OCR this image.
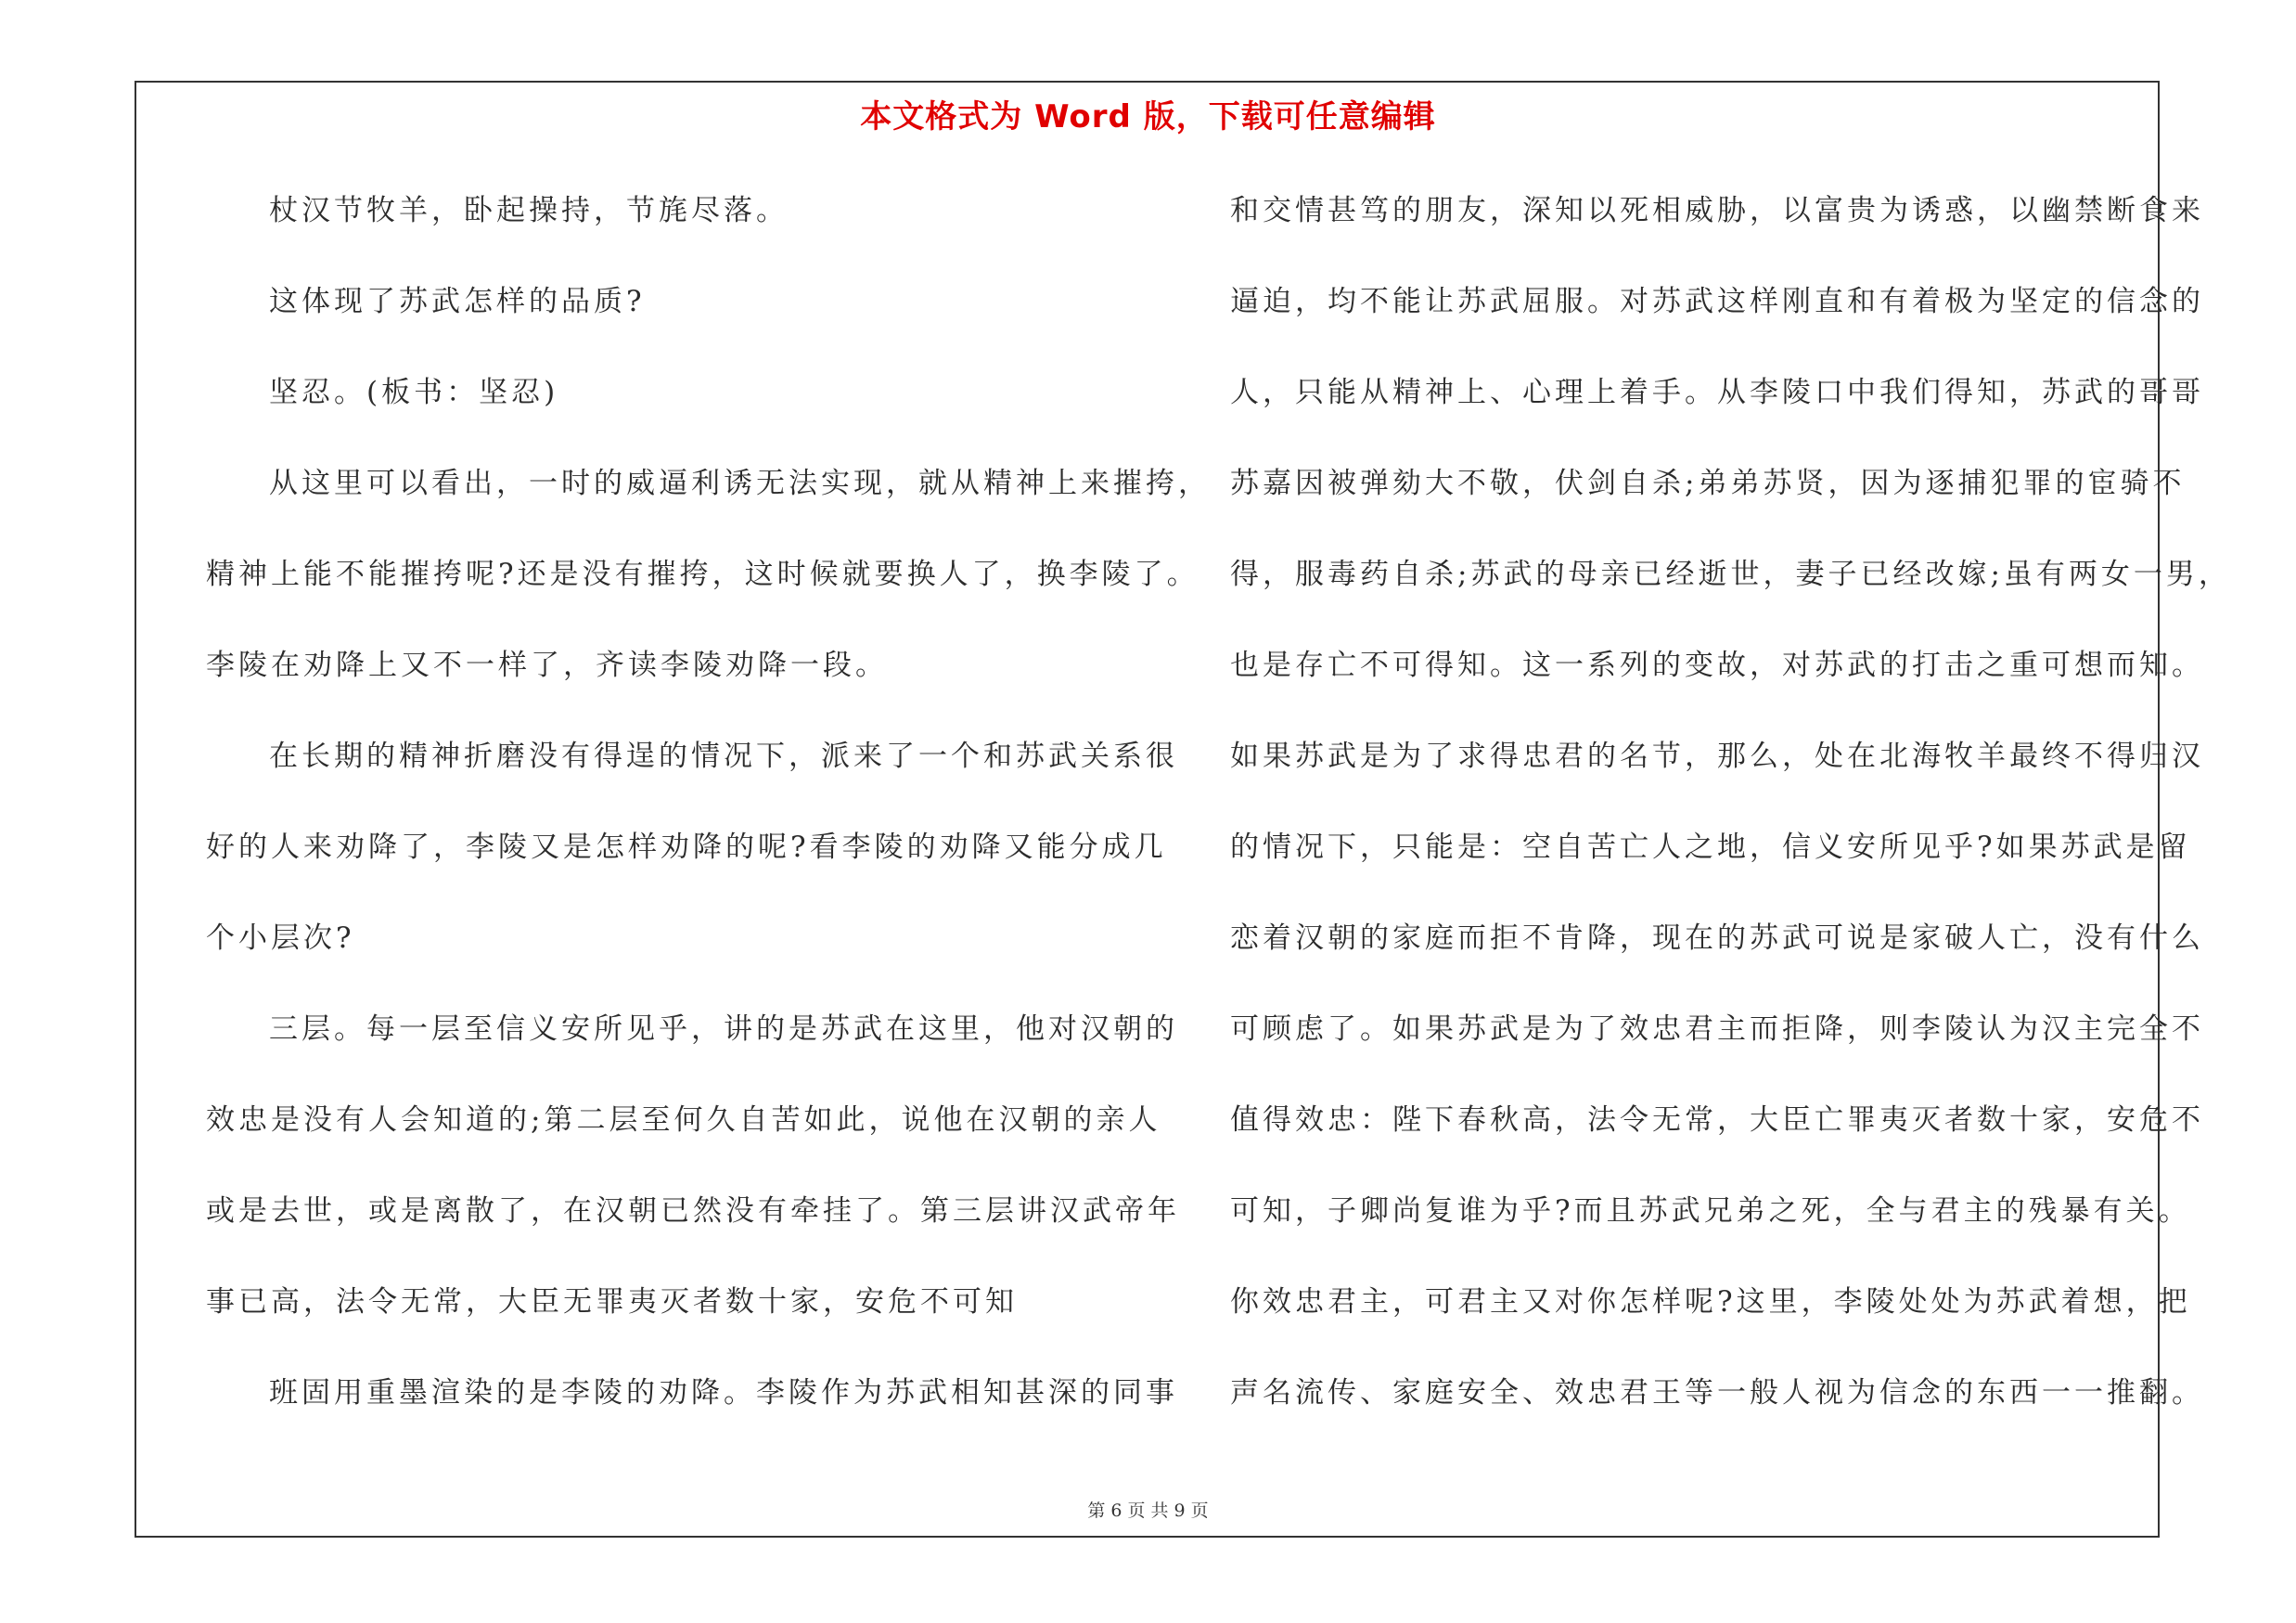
本文格式为 Word 版，下载可任意编辑
杖汉节牧羊，卧起操持，节旄尽落。
这体现了苏武怎样的品质?
坚忍。(板书：坚忍)
从这里可以看出，一时的威逼利诱无法实现，就从精神上来摧挎，
精神上能不能摧挎呢?还是没有摧挎，这时候就要换人了，换李陵了。
李陵在劝降上又不一样了，齐读李陵劝降一段。
在长期的精神折磨没有得逞的情况下，派来了一个和苏武关系很
好的人来劝降了，李陵又是怎样劝降的呢?看李陵的劝降又能分成几
个小层次?
三层。每一层至信义安所见乎，讲的是苏武在这里，他对汉朝的
效忠是没有人会知道的;第二层至何久自苦如此，说他在汉朝的亲人
或是去世，或是离散了，在汉朝已然没有牵挂了。第三层讲汉武帝年
事已高，法令无常，大臣无罪夷灭者数十家，安危不可知
班固用重墨渲染的是李陵的劝降。李陵作为苏武相知甚深的同事
和交情甚笃的朋友，深知以死相威胁，以富贵为诱惑，以幽禁断食来
逼迫，均不能让苏武屈服。对苏武这样刚直和有着极为坚定的信念的
人，只能从精神上、心理上着手。从李陵口中我们得知，苏武的哥哥
苏嘉因被弹劾大不敬，伏剑自杀;弟弟苏贤，因为逐捕犯罪的宦骑不
得，服毒药自杀;苏武的母亲已经逝世，妻子已经改嫁;虽有两女一男，
也是存亡不可得知。这一系列的变故，对苏武的打击之重可想而知。
如果苏武是为了求得忠君的名节，那么，处在北海牧羊最终不得归汉
的情况下，只能是：空自苦亡人之地，信义安所见乎?如果苏武是留
恋着汉朝的家庭而拒不肯降，现在的苏武可说是家破人亡，没有什么
可顾虑了。如果苏武是为了效忠君主而拒降，则李陵认为汉主完全不
值得效忠：陛下春秋高，法令无常，大臣亡罪夷灭者数十家，安危不
可知，子卿尚复谁为乎?而且苏武兄弟之死，全与君主的残暴有关。
你效忠君主，可君主又对你怎样呢?这里，李陵处处为苏武着想，把
声名流传、家庭安全、效忠君王等一般人视为信念的东西一一推翻。
第 6 页 共 9 页
